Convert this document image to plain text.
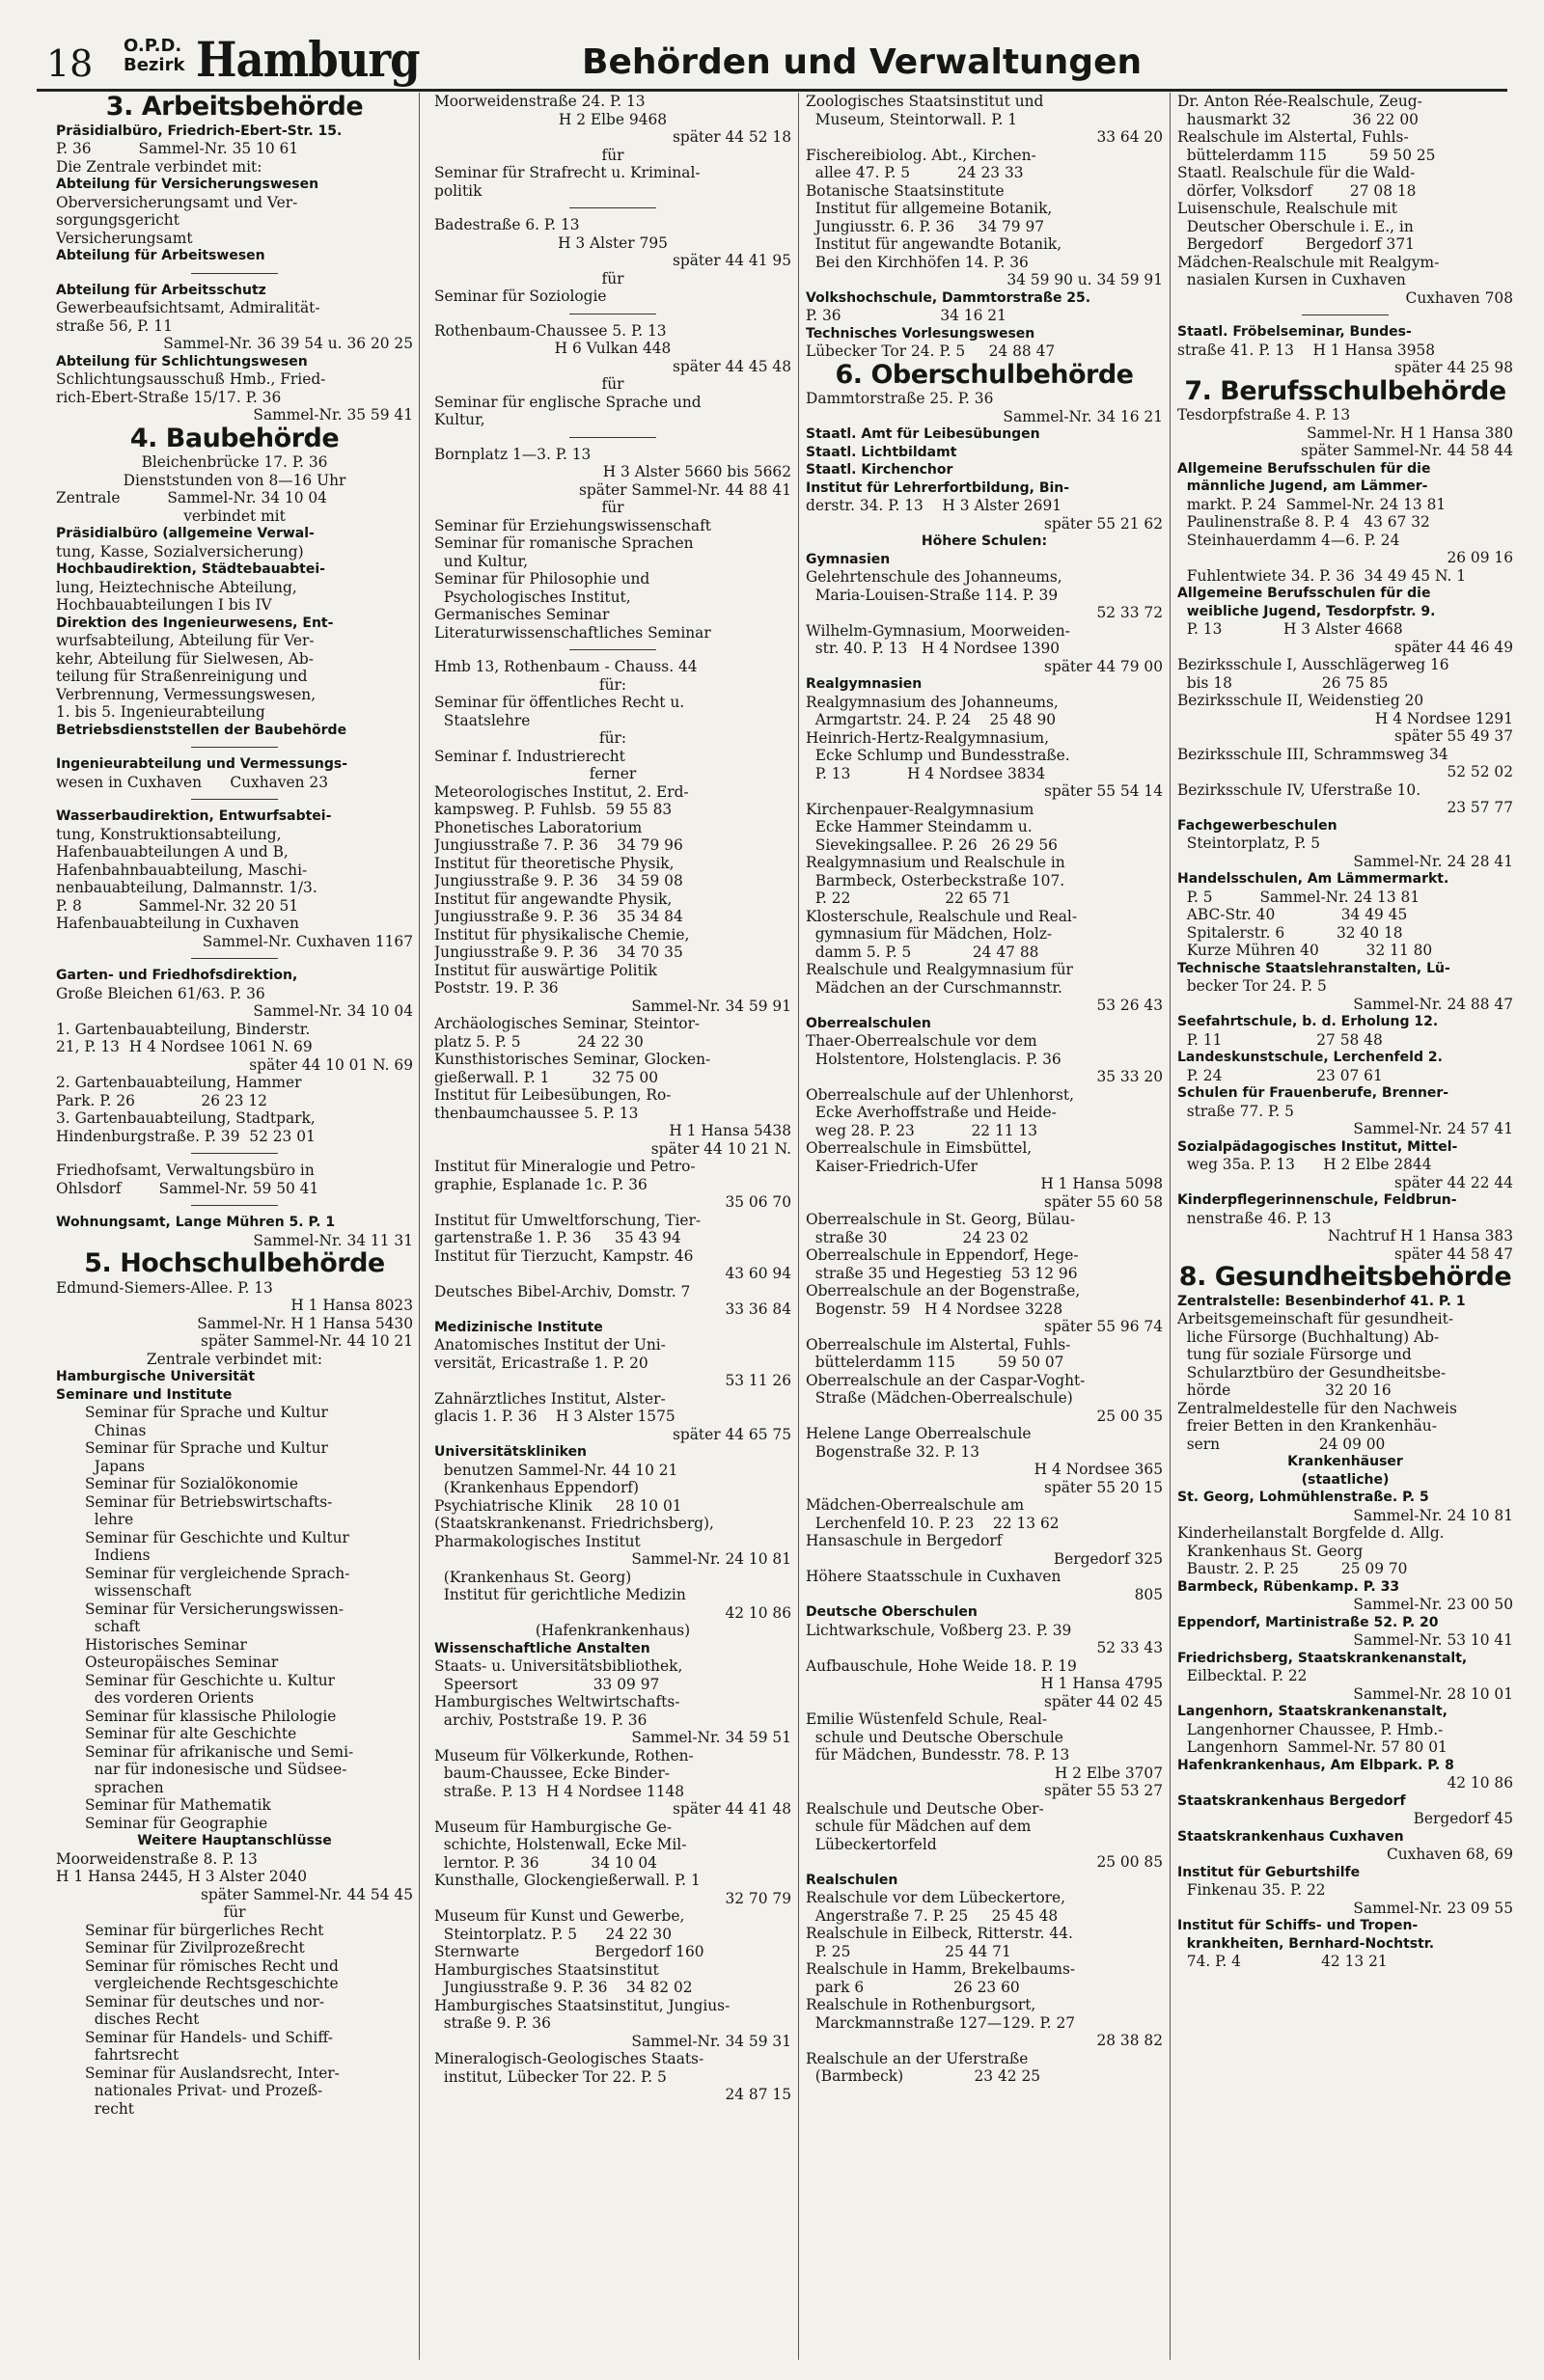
18 O.P.D.
Bezirk Hamburg	Behörden und Verwaltungen
3. Arbeitsbehörde
Präsidialbüro, Friedrich-Ebert-Str. 15.
P. 36          Sammel-Nr. 35 10 61
Die Zentrale verbindet mit:
Abteilung für Versicherungswesen
Oberversicherungsamt und Ver-
sorgungsgericht
Versicherungsamt
Abteilung für Arbeitswesen
Abteilung für Arbeitsschutz
Gewerbeaufsichtsamt, Admiralität-
straße 56, P. 11
Sammel-Nr. 36 39 54 u. 36 20 25
Abteilung für Schlichtungswesen
Schlichtungsausschuß Hmb., Fried-
rich-Ebert-Straße 15/17. P. 36
Sammel-Nr. 35 59 41
4. Baubehörde
Bleichenbrücke 17. P. 36
Dienststunden von 8—16 Uhr
Zentrale          Sammel-Nr. 34 10 04
verbindet mit
Präsidialbüro (allgemeine Verwal-
tung, Kasse, Sozialversicherung)
Hochbaudirektion, Städtebauabtei-
lung, Heiztechnische Abteilung,
Hochbauabteilungen I bis IV
Direktion des Ingenieurwesens, Ent-
wurfsabteilung, Abteilung für Ver-
kehr, Abteilung für Sielwesen, Ab-
teilung für Straßenreinigung und
Verbrennung, Vermessungswesen,
1. bis 5. Ingenieurabteilung
Betriebsdienststellen der Baubehörde
Ingenieurabteilung und Vermessungs-
wesen in Cuxhaven      Cuxhaven 23
Wasserbaudirektion, Entwurfsabtei-
tung, Konstruktionsabteilung,
Hafenbauabteilungen A und B,
Hafenbahnbauabteilung, Maschi-
nenbauabteilung, Dalmannstr. 1/3.
P. 8            Sammel-Nr. 32 20 51
Hafenbauabteilung in Cuxhaven
Sammel-Nr. Cuxhaven 1167
Garten- und Friedhofsdirektion,
Große Bleichen 61/63. P. 36
Sammel-Nr. 34 10 04
1. Gartenbauabteilung, Binderstr.
21, P. 13  H 4 Nordsee 1061 N. 69
später 44 10 01 N. 69
2. Gartenbauabteilung, Hammer
Park. P. 26              26 23 12
3. Gartenbauabteilung, Stadtpark,
Hindenburgstraße. P. 39  52 23 01
Friedhofsamt, Verwaltungsbüro in
Ohlsdorf        Sammel-Nr. 59 50 41
Wohnungsamt, Lange Mühren 5. P. 1
Sammel-Nr. 34 11 31
5. Hochschulbehörde
Edmund-Siemers-Allee. P. 13
H 1 Hansa 8023
Sammel-Nr. H 1 Hansa 5430
später Sammel-Nr. 44 10 21
Zentrale verbindet mit:
Hamburgische Universität
Seminare und Institute
Seminar für Sprache und Kultur
Chinas
Seminar für Sprache und Kultur
Japans
Seminar für Sozialökonomie
Seminar für Betriebswirtschafts-
lehre
Seminar für Geschichte und Kultur
Indiens
Seminar für vergleichende Sprach-
wissenschaft
Seminar für Versicherungswissen-
schaft
Historisches Seminar
Osteuropäisches Seminar
Seminar für Geschichte u. Kultur
des vorderen Orients
Seminar für klassische Philologie
Seminar für alte Geschichte
Seminar für afrikanische und Semi-
nar für indonesische und Südsee-
sprachen
Seminar für Mathematik
Seminar für Geographie
Weitere Hauptanschlüsse
Moorweidenstraße 8. P. 13
H 1 Hansa 2445, H 3 Alster 2040
später Sammel-Nr. 44 54 45
für
Seminar für bürgerliches Recht
Seminar für Zivilprozeßrecht
Seminar für römisches Recht und
vergleichende Rechtsgeschichte
Seminar für deutsches und nor-
disches Recht
Seminar für Handels- und Schiff-
fahrtsrecht
Seminar für Auslandsrecht, Inter-
nationales Privat- und Prozeß-
recht
Moorweidenstraße 24. P. 13
H 2 Elbe 9468
später 44 52 18
für
Seminar für Strafrecht u. Kriminal-
politik
Badestraße 6. P. 13
H 3 Alster 795
später 44 41 95
für
Seminar für Soziologie
Rothenbaum-Chaussee 5. P. 13
H 6 Vulkan 448
später 44 45 48
für
Seminar für englische Sprache und
Kultur,
Bornplatz 1—3. P. 13
H 3 Alster 5660 bis 5662
später Sammel-Nr. 44 88 41
für
Seminar für Erziehungswissenschaft
Seminar für romanische Sprachen
und Kultur,
Seminar für Philosophie und
Psychologisches Institut,
Germanisches Seminar
Literaturwissenschaftliches Seminar
Hmb 13, Rothenbaum - Chauss. 44
für:
Seminar für öffentliches Recht u.
Staatslehre
für:
Seminar f. Industrierecht
ferner
Meteorologisches Institut, 2. Erd-
kampsweg. P. Fuhlsb.  59 55 83
Phonetisches Laboratorium
Jungiusstraße 7. P. 36    34 79 96
Institut für theoretische Physik,
Jungiusstraße 9. P. 36    34 59 08
Institut für angewandte Physik,
Jungiusstraße 9. P. 36    35 34 84
Institut für physikalische Chemie,
Jungiusstraße 9. P. 36    34 70 35
Institut für auswärtige Politik
Poststr. 19. P. 36
Sammel-Nr. 34 59 91
Archäologisches Seminar, Steintor-
platz 5. P. 5            24 22 30
Kunsthistorisches Seminar, Glocken-
gießerwall. P. 1         32 75 00
Institut für Leibesübungen, Ro-
thenbaumchaussee 5. P. 13
H 1 Hansa 5438
später 44 10 21 N.
Institut für Mineralogie und Petro-
graphie, Esplanade 1c. P. 36
35 06 70
Institut für Umweltforschung, Tier-
gartenstraße 1. P. 36     35 43 94
Institut für Tierzucht, Kampstr. 46
43 60 94
Deutsches Bibel-Archiv, Domstr. 7
33 36 84
Medizinische Institute
Anatomisches Institut der Uni-
versität, Ericastraße 1. P. 20
53 11 26
Zahnärztliches Institut, Alster-
glacis 1. P. 36    H 3 Alster 1575
später 44 65 75
Universitätskliniken
benutzen Sammel-Nr. 44 10 21
(Krankenhaus Eppendorf)
Psychiatrische Klinik     28 10 01
(Staatskrankenanst. Friedrichsberg),
Pharmakologisches Institut
Sammel-Nr. 24 10 81
(Krankenhaus St. Georg)
Institut für gerichtliche Medizin
42 10 86
(Hafenkrankenhaus)
Wissenschaftliche Anstalten
Staats- u. Universitätsbibliothek,
Speersort                33 09 97
Hamburgisches Weltwirtschafts-
archiv, Poststraße 19. P. 36
Sammel-Nr. 34 59 51
Museum für Völkerkunde, Rothen-
baum-Chaussee, Ecke Binder-
straße. P. 13  H 4 Nordsee 1148
später 44 41 48
Museum für Hamburgische Ge-
schichte, Holstenwall, Ecke Mil-
lerntor. P. 36           34 10 04
Kunsthalle, Glockengießerwall. P. 1
32 70 79
Museum für Kunst und Gewerbe,
Steintorplatz. P. 5      24 22 30
Sternwarte                Bergedorf 160
Hamburgisches Staatsinstitut
Jungiusstraße 9. P. 36    34 82 02
Hamburgisches Staatsinstitut, Jungius-
straße 9. P. 36
Sammel-Nr. 34 59 31
Mineralogisch-Geologisches Staats-
institut, Lübecker Tor 22. P. 5
24 87 15
Zoologisches Staatsinstitut und
Museum, Steintorwall. P. 1
33 64 20
Fischereibiolog. Abt., Kirchen-
allee 47. P. 5          24 23 33
Botanische Staatsinstitute
Institut für allgemeine Botanik,
Jungiusstr. 6. P. 36     34 79 97
Institut für angewandte Botanik,
Bei den Kirchhöfen 14. P. 36
34 59 90 u. 34 59 91
Volkshochschule, Dammtorstraße 25.
P. 36                     34 16 21
Technisches Vorlesungswesen
Lübecker Tor 24. P. 5     24 88 47
6. Oberschulbehörde
Dammtorstraße 25. P. 36
Sammel-Nr. 34 16 21
Staatl. Amt für Leibesübungen
Staatl. Lichtbildamt
Staatl. Kirchenchor
Institut für Lehrerfortbildung, Bin-
derstr. 34. P. 13    H 3 Alster 2691
später 55 21 62
Höhere Schulen:
Gymnasien
Gelehrtenschule des Johanneums,
Maria-Louisen-Straße 114. P. 39
52 33 72
Wilhelm-Gymnasium, Moorweiden-
str. 40. P. 13   H 4 Nordsee 1390
später 44 79 00
Realgymnasien
Realgymnasium des Johanneums,
Armgartstr. 24. P. 24    25 48 90
Heinrich-Hertz-Realgymnasium,
Ecke Schlump und Bundesstraße.
P. 13            H 4 Nordsee 3834
später 55 54 14
Kirchenpauer-Realgymnasium
Ecke Hammer Steindamm u.
Sievekingsallee. P. 26   26 29 56
Realgymnasium und Realschule in
Barmbeck, Osterbeckstraße 107.
P. 22                    22 65 71
Klosterschule, Realschule und Real-
gymnasium für Mädchen, Holz-
damm 5. P. 5             24 47 88
Realschule und Realgymnasium für
Mädchen an der Curschmannstr.
53 26 43
Oberrealschulen
Thaer-Oberrealschule vor dem
Holstentore, Holstenglacis. P. 36
35 33 20
Oberrealschule auf der Uhlenhorst,
Ecke Averhoffstraße und Heide-
weg 28. P. 23            22 11 13
Oberrealschule in Eimsbüttel,
Kaiser-Friedrich-Ufer
H 1 Hansa 5098
später 55 60 58
Oberrealschule in St. Georg, Bülau-
straße 30                24 23 02
Oberrealschule in Eppendorf, Hege-
straße 35 und Hegestieg  53 12 96
Oberrealschule an der Bogenstraße,
Bogenstr. 59   H 4 Nordsee 3228
später 55 96 74
Oberrealschule im Alstertal, Fuhls-
büttelerdamm 115         59 50 07
Oberrealschule an der Caspar-Voght-
Straße (Mädchen-Oberrealschule)
25 00 35
Helene Lange Oberrealschule
Bogenstraße 32. P. 13
H 4 Nordsee 365
später 55 20 15
Mädchen-Oberrealschule am
Lerchenfeld 10. P. 23    22 13 62
Hansaschule in Bergedorf
Bergedorf 325
Höhere Staatsschule in Cuxhaven
805
Deutsche Oberschulen
Lichtwarkschule, Voßberg 23. P. 39
52 33 43
Aufbauschule, Hohe Weide 18. P. 19
H 1 Hansa 4795
später 44 02 45
Emilie Wüstenfeld Schule, Real-
schule und Deutsche Oberschule
für Mädchen, Bundesstr. 78. P. 13
H 2 Elbe 3707
später 55 53 27
Realschule und Deutsche Ober-
schule für Mädchen auf dem
Lübeckertorfeld
25 00 85
Realschulen
Realschule vor dem Lübeckertore,
Angerstraße 7. P. 25     25 45 48
Realschule in Eilbeck, Ritterstr. 44.
P. 25                    25 44 71
Realschule in Hamm, Brekelbaums-
park 6                   26 23 60
Realschule in Rothenburgsort,
Marckmannstraße 127—129. P. 27
28 38 82
Realschule an der Uferstraße
(Barmbeck)               23 42 25
Dr. Anton Rée-Realschule, Zeug-
hausmarkt 32             36 22 00
Realschule im Alstertal, Fuhls-
büttelerdamm 115         59 50 25
Staatl. Realschule für die Wald-
dörfer, Volksdorf        27 08 18
Luisenschule, Realschule mit
Deutscher Oberschule i. E., in
Bergedorf         Bergedorf 371
Mädchen-Realschule mit Realgym-
nasialen Kursen in Cuxhaven
Cuxhaven 708
Staatl. Fröbelseminar, Bundes-
straße 41. P. 13    H 1 Hansa 3958
später 44 25 98
7. Berufsschulbehörde
Tesdorpfstraße 4. P. 13
Sammel-Nr. H 1 Hansa 380
später Sammel-Nr. 44 58 44
Allgemeine Berufsschulen für die
männliche Jugend, am Lämmer-
markt. P. 24  Sammel-Nr. 24 13 81
Paulinenstraße 8. P. 4   43 67 32
Steinhauerdamm 4—6. P. 24
26 09 16
Fuhlentwiete 34. P. 36  34 49 45 N. 1
Allgemeine Berufsschulen für die
weibliche Jugend, Tesdorpfstr. 9.
P. 13             H 3 Alster 4668
später 44 46 49
Bezirksschule I, Ausschlägerweg 16
bis 18                   26 75 85
Bezirksschule II, Weidenstieg 20
H 4 Nordsee 1291
später 55 49 37
Bezirksschule III, Schrammsweg 34
52 52 02
Bezirksschule IV, Uferstraße 10.
23 57 77
Fachgewerbeschulen
Steintorplatz, P. 5
Sammel-Nr. 24 28 41
Handelsschulen, Am Lämmermarkt.
P. 5          Sammel-Nr. 24 13 81
ABC-Str. 40              34 49 45
Spitalerstr. 6           32 40 18
Kurze Mühren 40          32 11 80
Technische Staatslehranstalten, Lü-
becker Tor 24. P. 5
Sammel-Nr. 24 88 47
Seefahrtschule, b. d. Erholung 12.
P. 11                    27 58 48
Landeskunstschule, Lerchenfeld 2.
P. 24                    23 07 61
Schulen für Frauenberufe, Brenner-
straße 77. P. 5
Sammel-Nr. 24 57 41
Sozialpädagogisches Institut, Mittel-
weg 35a. P. 13      H 2 Elbe 2844
später 44 22 44
Kinderpflegerinnenschule, Feldbrun-
nenstraße 46. P. 13
Nachtruf H 1 Hansa 383
später 44 58 47
8. Gesundheitsbehörde
Zentralstelle: Besenbinderhof 41. P. 1
Arbeitsgemeinschaft für gesundheit-
liche Fürsorge (Buchhaltung) Ab-
tung für soziale Fürsorge und
Schularztbüro der Gesundheitsbe-
hörde                    32 20 16
Zentralmeldestelle für den Nachweis
freier Betten in den Krankenhäu-
sern                     24 09 00
Krankenhäuser
(staatliche)
St. Georg, Lohmühlenstraße. P. 5
Sammel-Nr. 24 10 81
Kinderheilanstalt Borgfelde d. Allg.
Krankenhaus St. Georg
Baustr. 2. P. 25         25 09 70
Barmbeck, Rübenkamp. P. 33
Sammel-Nr. 23 00 50
Eppendorf, Martinistraße 52. P. 20
Sammel-Nr. 53 10 41
Friedrichsberg, Staatskrankenanstalt,
Eilbecktal. P. 22
Sammel-Nr. 28 10 01
Langenhorn, Staatskrankenanstalt,
Langenhorner Chaussee, P. Hmb.-
Langenhorn  Sammel-Nr. 57 80 01
Hafenkrankenhaus, Am Elbpark. P. 8
42 10 86
Staatskrankenhaus Bergedorf
Bergedorf 45
Staatskrankenhaus Cuxhaven
Cuxhaven 68, 69
Institut für Geburtshilfe
Finkenau 35. P. 22
Sammel-Nr. 23 09 55
Institut für Schiffs- und Tropen-
krankheiten, Bernhard-Nochtstr.
74. P. 4                 42 13 21
